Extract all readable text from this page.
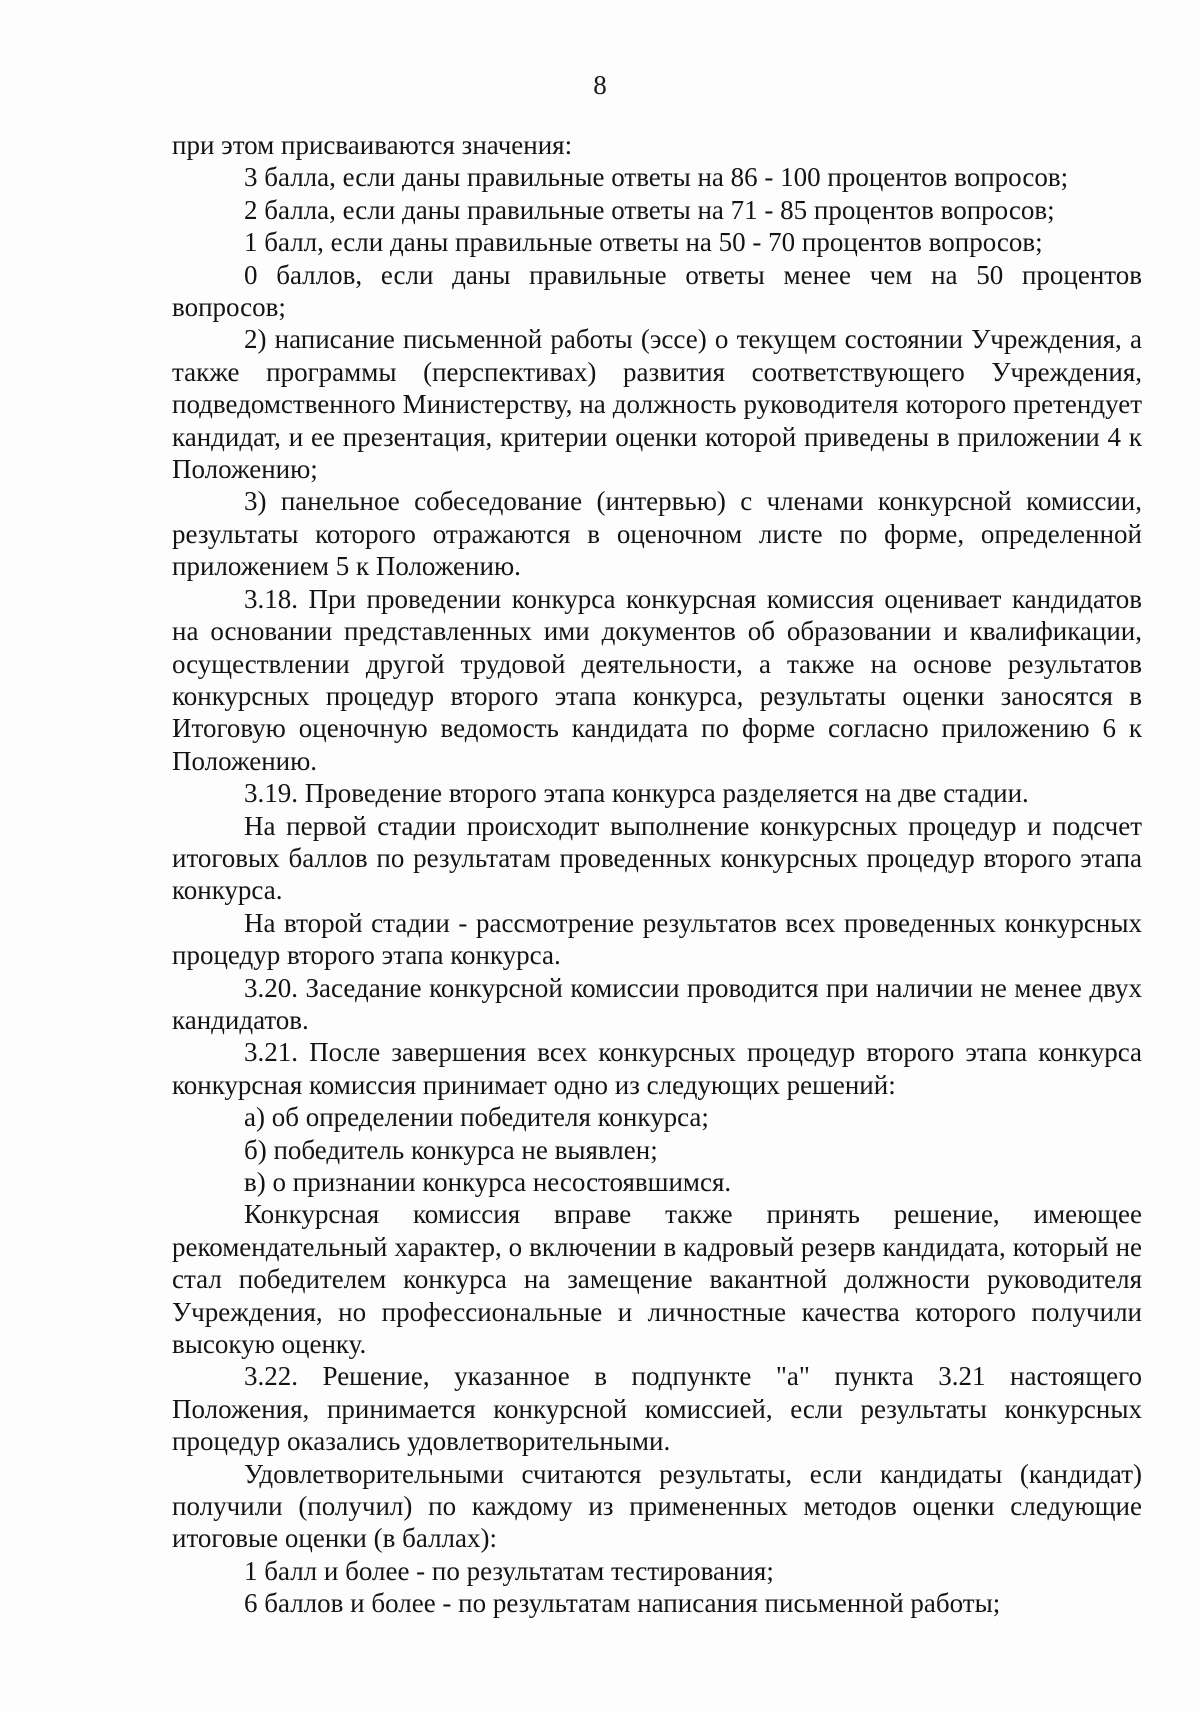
8

при этом присваиваются значения:

3 балла, если даны правильные ответы на 86 - 100 процентов вопросов;

2 балла, если даны правильные ответы на 71 - 85 процентов вопросов;

1 балл, если даны правильные ответы на 50 - 70 процентов вопросов;

0 баллов, если даны правильные ответы менее чем на 50 процентов вопросов;

2) написание письменной работы (эссе) о текущем состоянии Учреждения, а также программы (перспективах) развития соответствующего Учреждения, подведомственного Министерству, на должность руководителя которого претендует кандидат, и ее презентация, критерии оценки которой приведены в приложении 4 к Положению;

3) панельное собеседование (интервью) с членами конкурсной комиссии, результаты которого отражаются в оценочном листе по форме, определенной приложением 5 к Положению.

3.18. При проведении конкурса конкурсная комиссия оценивает кандидатов на основании представленных ими документов об образовании и квалификации, осуществлении другой трудовой деятельности, а также на основе результатов конкурсных процедур второго этапа конкурса, результаты оценки заносятся в Итоговую оценочную ведомость кандидата по форме согласно приложению 6 к Положению.

3.19. Проведение второго этапа конкурса разделяется на две стадии.

На первой стадии происходит выполнение конкурсных процедур и подсчет итоговых баллов по результатам проведенных конкурсных процедур второго этапа конкурса.

На второй стадии - рассмотрение результатов всех проведенных конкурсных процедур второго этапа конкурса.

3.20. Заседание конкурсной комиссии проводится при наличии не менее двух кандидатов.

3.21. После завершения всех конкурсных процедур второго этапа конкурса конкурсная комиссия принимает одно из следующих решений:

а) об определении победителя конкурса;

б) победитель конкурса не выявлен;

в) о признании конкурса несостоявшимся.

Конкурсная комиссия вправе также принять решение, имеющее рекомендательный характер, о включении в кадровый резерв кандидата, который не стал победителем конкурса на замещение вакантной должности руководителя Учреждения, но профессиональные и личностные качества которого получили высокую оценку.

3.22. Решение, указанное в подпункте "а" пункта 3.21 настоящего Положения, принимается конкурсной комиссией, если результаты конкурсных процедур оказались удовлетворительными.

Удовлетворительными считаются результаты, если кандидаты (кандидат) получили (получил) по каждому из примененных методов оценки следующие итоговые оценки (в баллах):

1 балл и более - по результатам тестирования;

6 баллов и более - по результатам написания письменной работы;
